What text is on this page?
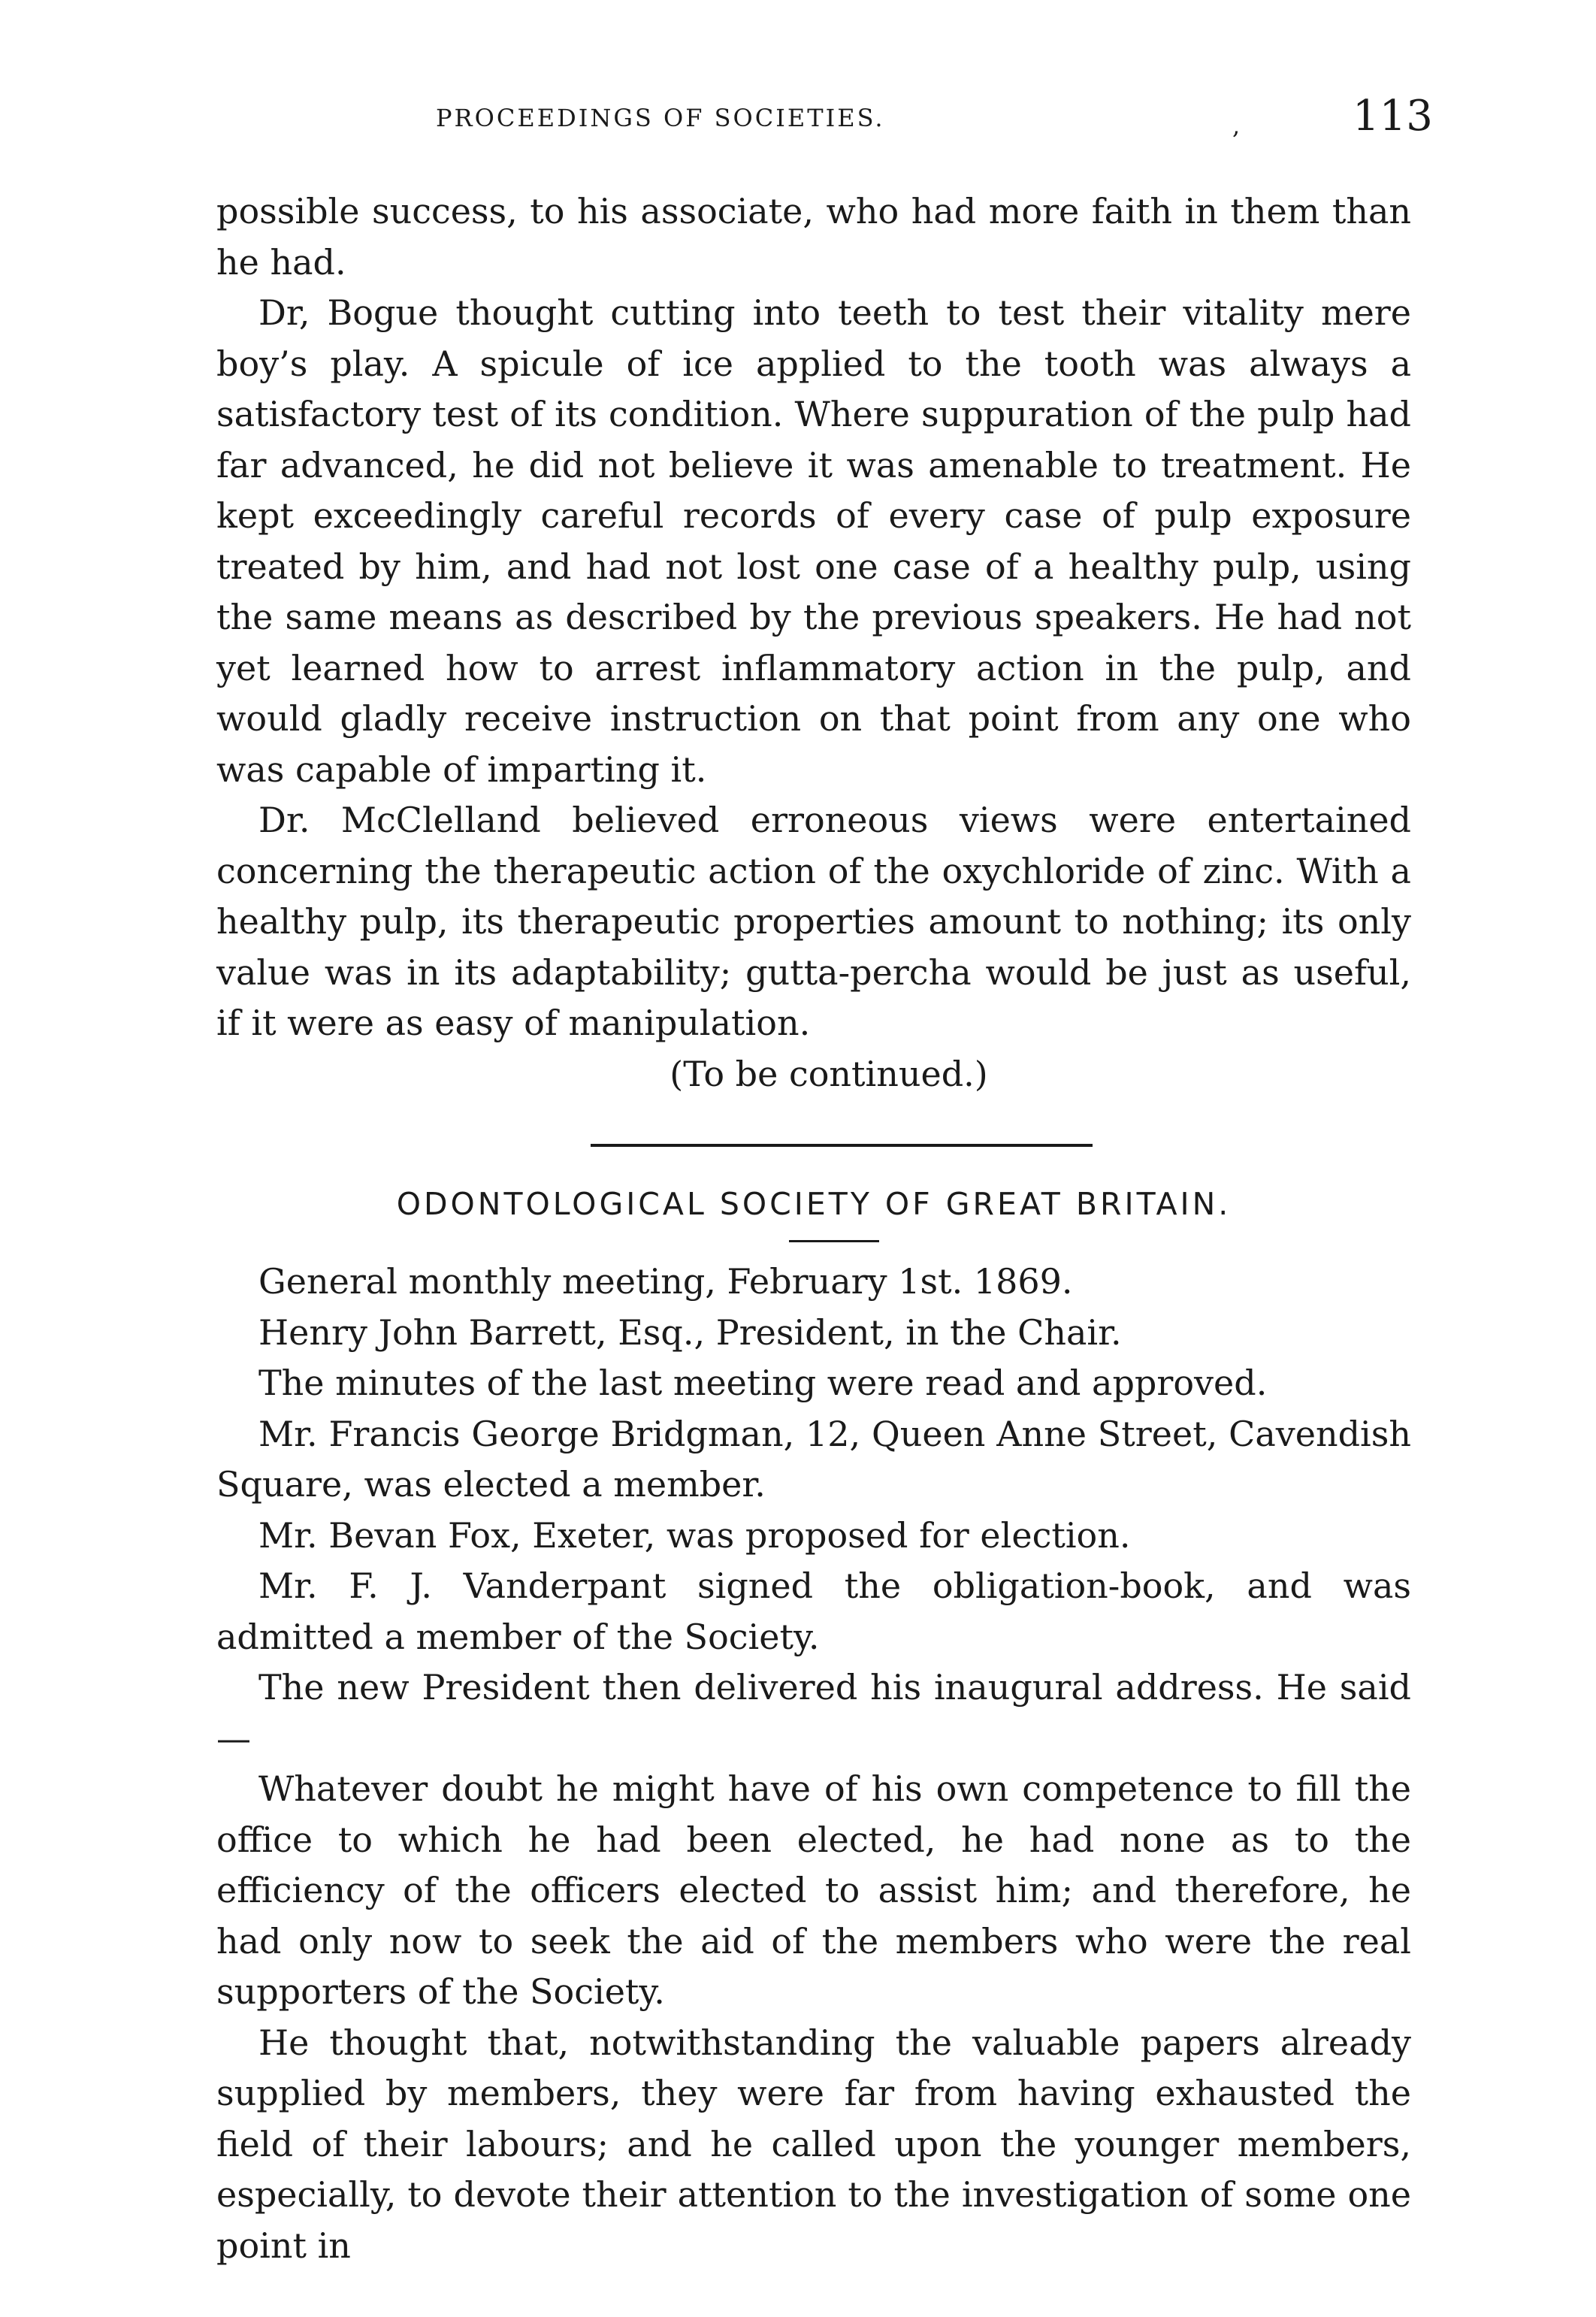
PROCEEDINGS OF SOCIETIES.	,	113

possible success, to his associate, who had more faith in them than he had.

Dr, Bogue thought cutting into teeth to test their vitality mere boy’s play. A spicule of ice applied to the tooth was always a satisfactory test of its condition. Where suppuration of the pulp had far advanced, he did not believe it was amenable to treatment. He kept exceedingly careful records of every case of pulp exposure treated by him, and had not lost one case of a healthy pulp, using the same means as described by the previous speakers. He had not yet learned how to arrest inflammatory action in the pulp, and would gladly receive instruction on that point from any one who was capable of imparting it.

Dr. McClelland believed erroneous views were entertained concerning the therapeutic action of the oxychloride of zinc. With a healthy pulp, its therapeutic properties amount to nothing; its only value was in its adaptability; gutta-percha would be just as useful, if it were as easy of manipulation.

(To be continued.)

ODONTOLOGICAL SOCIETY OF GREAT BRITAIN.

General monthly meeting, February 1st. 1869.

Henry John Barrett, Esq., President, in the Chair.

The minutes of the last meeting were read and approved.

Mr. Francis George Bridgman, 12, Queen Anne Street, Cavendish Square, was elected a member.

Mr. Bevan Fox, Exeter, was proposed for election.

Mr. F. J. Vanderpant signed the obligation-book, and was admitted a member of the Society.

The new President then delivered his inaugural address. He said—

Whatever doubt he might have of his own competence to fill the office to which he had been elected, he had none as to the efficiency of the officers elected to assist him; and therefore, he had only now to seek the aid of the members who were the real supporters of the Society.

He thought that, notwithstanding the valuable papers already supplied by members, they were far from having exhausted the field of their labours; and he called upon the younger members, especially, to devote their attention to the investigation of some one point in
